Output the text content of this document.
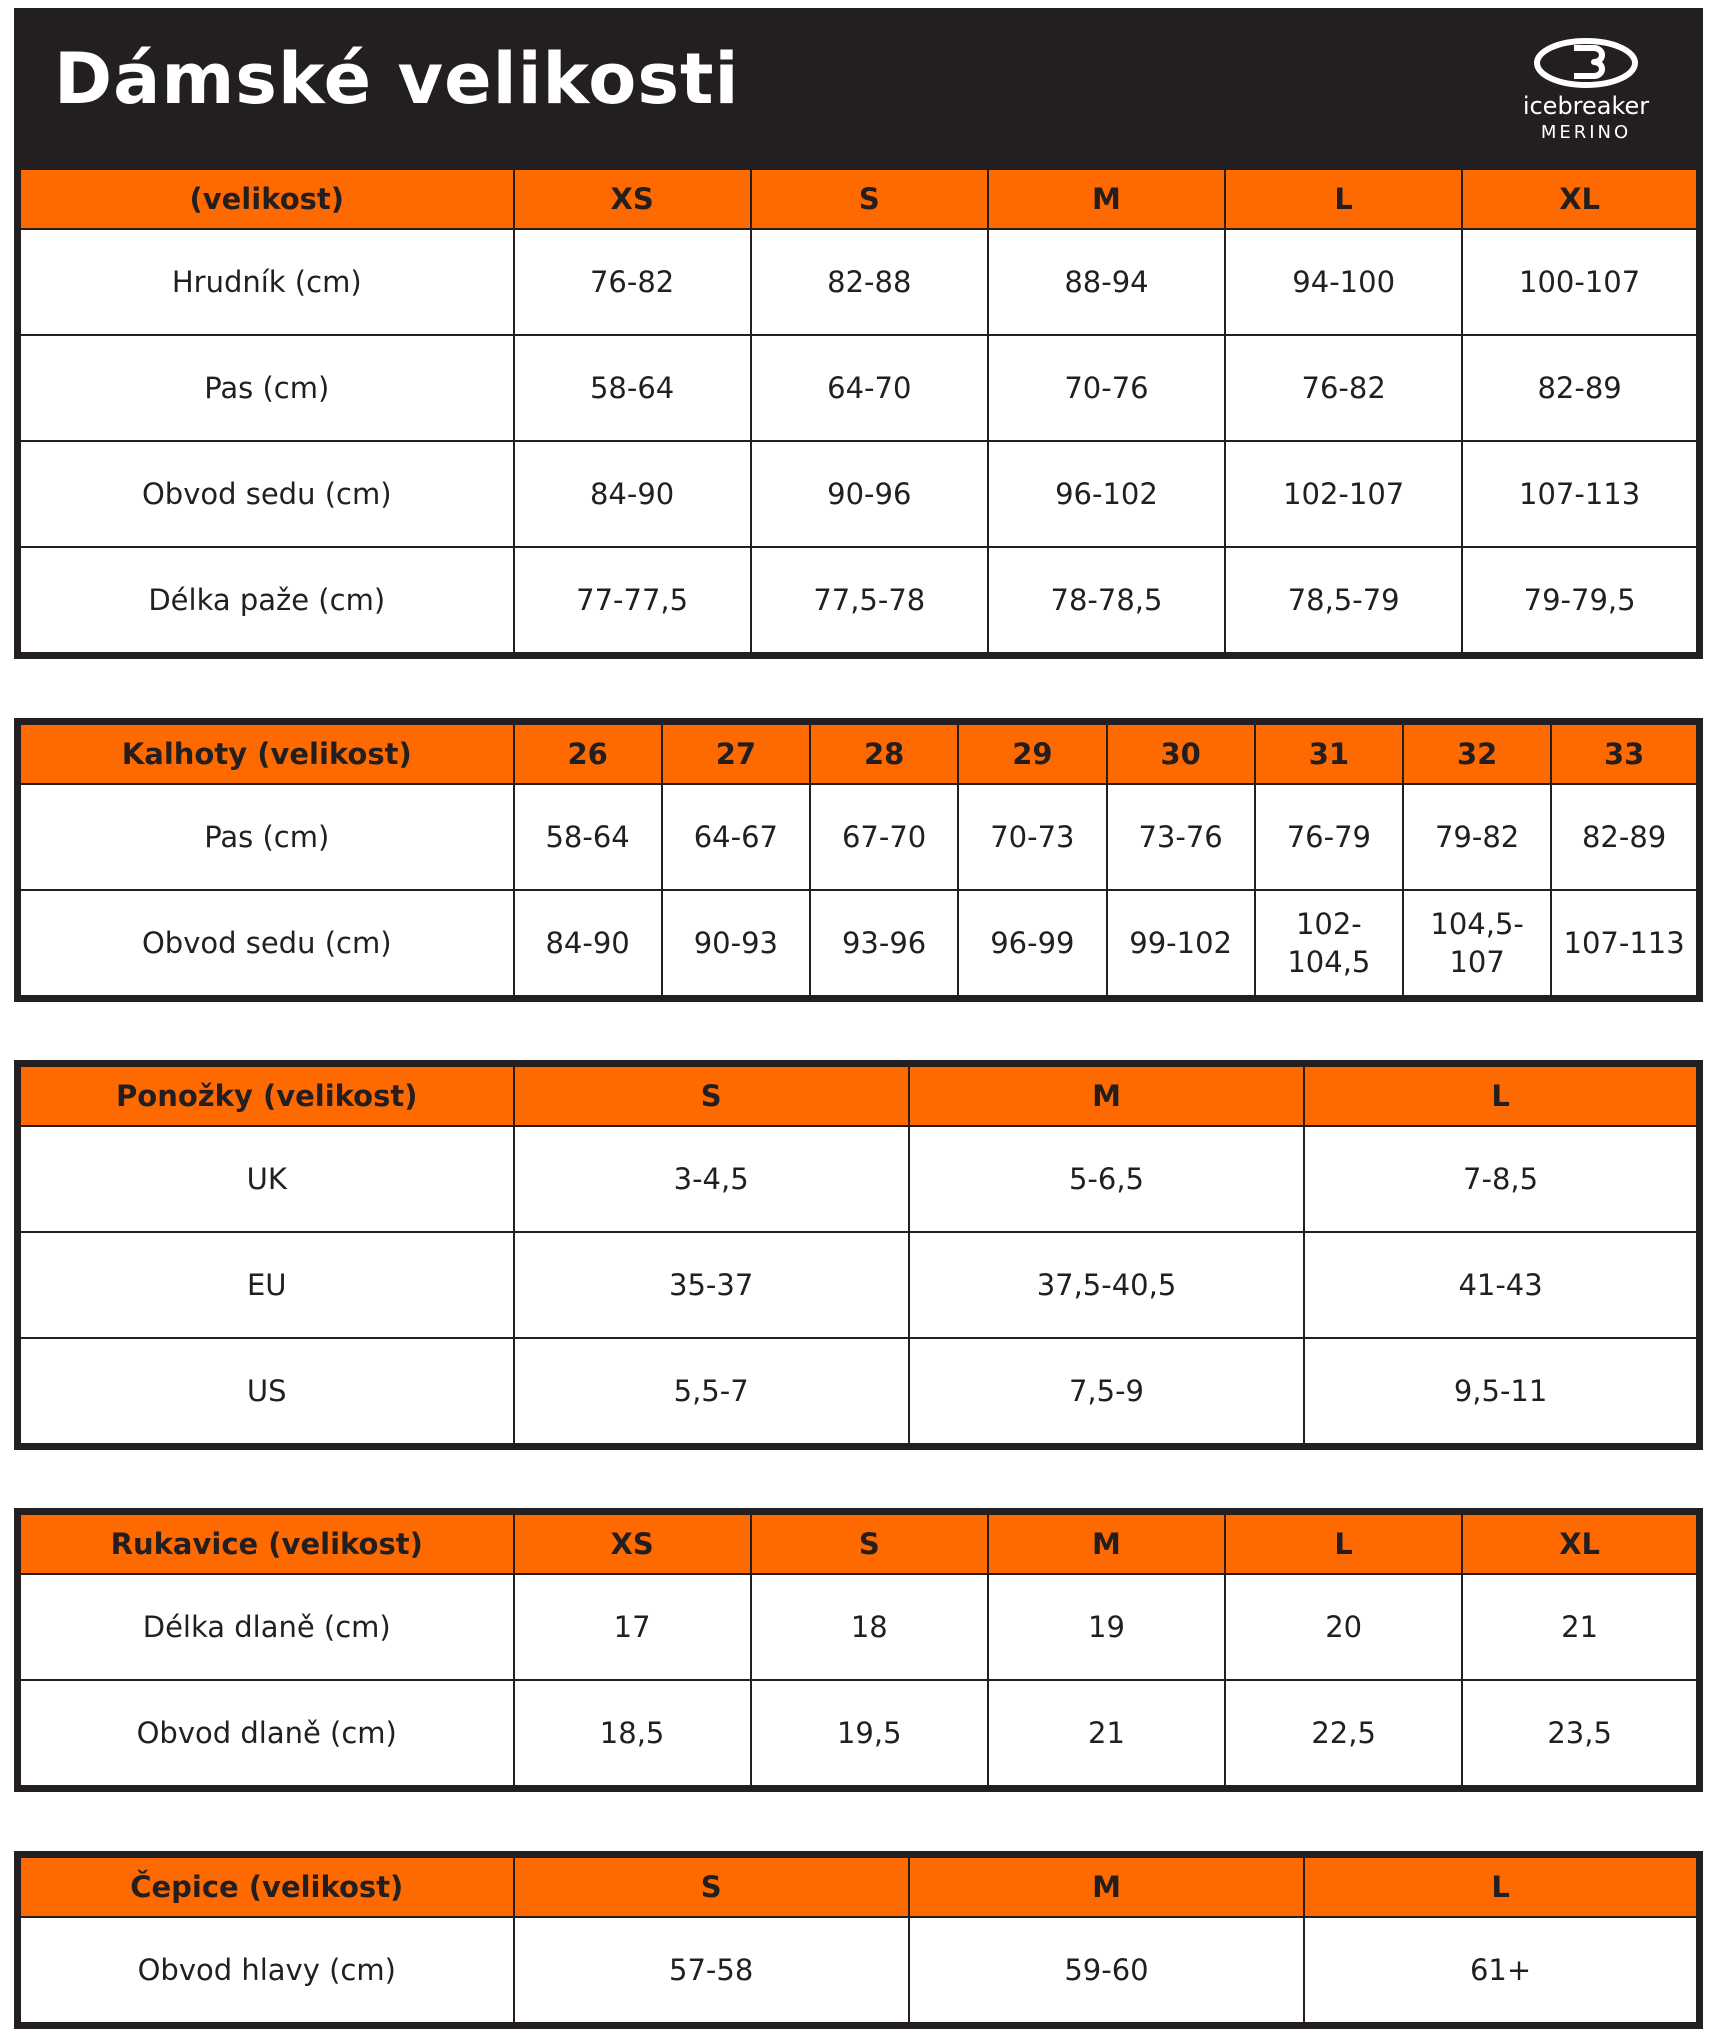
Dámské velikosti	icebreaker
MERINO
(velikost)	XS	S	M	L	XL
Hrudník (cm)	76-82	82-88	88-94	94-100	100-107
Pas (cm)	58-64	64-70	70-76	76-82	82-89
Obvod sedu (cm)	84-90	90-96	96-102	102-107	107-113
Délka paže (cm)	77-77,5	77,5-78	78-78,5	78,5-79	79-79,5
Kalhoty (velikost)	26	27	28	29	30	31	32	33
Pas (cm)	58-64	64-67	67-70	70-73	73-76	76-79	79-82	82-89
Obvod sedu (cm)	84-90	90-93	93-96	96-99	99-102	102-104,5	104,5-107	107-113
Ponožky (velikost)	S	M	L
UK	3-4,5	5-6,5	7-8,5
EU	35-37	37,5-40,5	41-43
US	5,5-7	7,5-9	9,5-11
Rukavice (velikost)	XS	S	M	L	XL
Délka dlaně (cm)	17	18	19	20	21
Obvod dlaně (cm)	18,5	19,5	21	22,5	23,5
Čepice (velikost)	S	M	L
Obvod hlavy (cm)	57-58	59-60	61+
